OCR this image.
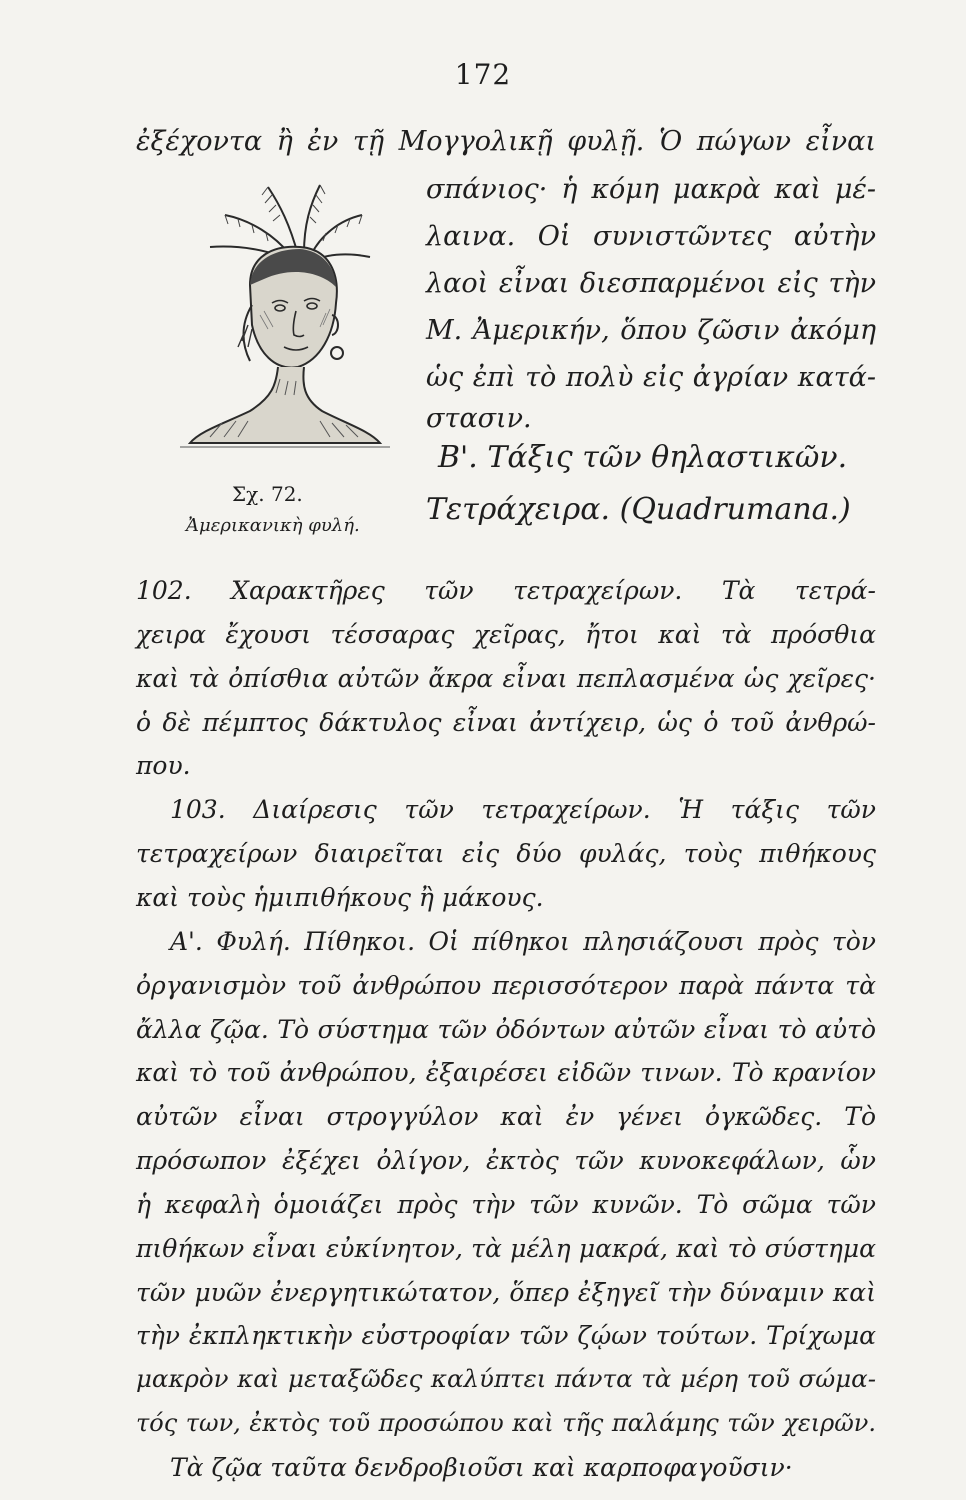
172
ἐξέχοντα ἢ ἐν τῇ Μογγολικῇ φυλῇ. Ὁ πώγων εἶναι
σπάνιος· ἡ κόμη μακρὰ καὶ μέ-
λαινα. Οἱ συνιστῶντες αὐτὴν
λαοὶ εἶναι διεσπαρμένοι εἰς τὴν
Μ. Ἀμερικήν, ὅπου ζῶσιν ἀκόμη
ὡς ἐπὶ τὸ πολὺ εἰς ἀγρίαν κατά-
στασιν.
Σχ. 72.
Ἀμερικανικὴ φυλή.
Β'. Τάξις τῶν θηλαστικῶν.
Τετράχειρα. (Quadrumana.)
102. Χαρακτῆρες τῶν τετραχείρων. Τὰ τετρά-
χειρα ἔχουσι τέσσαρας χεῖρας, ἤτοι καὶ τὰ πρόσθια
καὶ τὰ ὀπίσθια αὐτῶν ἄκρα εἶναι πεπλασμένα ὡς χεῖρες·
ὁ δὲ πέμπτος δάκτυλος εἶναι ἀντίχειρ, ὡς ὁ τοῦ ἀνθρώ-
που.
103. Διαίρεσις τῶν τετραχείρων. Ἡ τάξις τῶν
τετραχείρων διαιρεῖται εἰς δύο φυλάς, τοὺς πιθήκους
καὶ τοὺς ἡμιπιθήκους ἢ μάκους.
Α'. Φυλή. Πίθηκοι. Οἱ πίθηκοι πλησιάζουσι πρὸς τὸν
ὀργανισμὸν τοῦ ἀνθρώπου περισσότερον παρὰ πάντα τὰ
ἄλλα ζῷα. Τὸ σύστημα τῶν ὀδόντων αὐτῶν εἶναι τὸ αὐτὸ
καὶ τὸ τοῦ ἀνθρώπου, ἐξαιρέσει εἰδῶν τινων. Τὸ κρανίον
αὐτῶν εἶναι στρογγύλον καὶ ἐν γένει ὀγκῶδες. Τὸ
πρόσωπον ἐξέχει ὀλίγον, ἐκτὸς τῶν κυνοκεφάλων, ὧν
ἡ κεφαλὴ ὁμοιάζει πρὸς τὴν τῶν κυνῶν. Τὸ σῶμα τῶν
πιθήκων εἶναι εὐκίνητον, τὰ μέλη μακρά, καὶ τὸ σύστημα
τῶν μυῶν ἐνεργητικώτατον, ὅπερ ἐξηγεῖ τὴν δύναμιν καὶ
τὴν ἐκπληκτικὴν εὐστροφίαν τῶν ζῴων τούτων. Τρίχωμα
μακρὸν καὶ μεταξῶδες καλύπτει πάντα τὰ μέρη τοῦ σώμα-
τός των, ἐκτὸς τοῦ προσώπου καὶ τῆς παλάμης τῶν χειρῶν.
Τὰ ζῷα ταῦτα δενδροβιοῦσι καὶ καρποφαγοῦσιν·
